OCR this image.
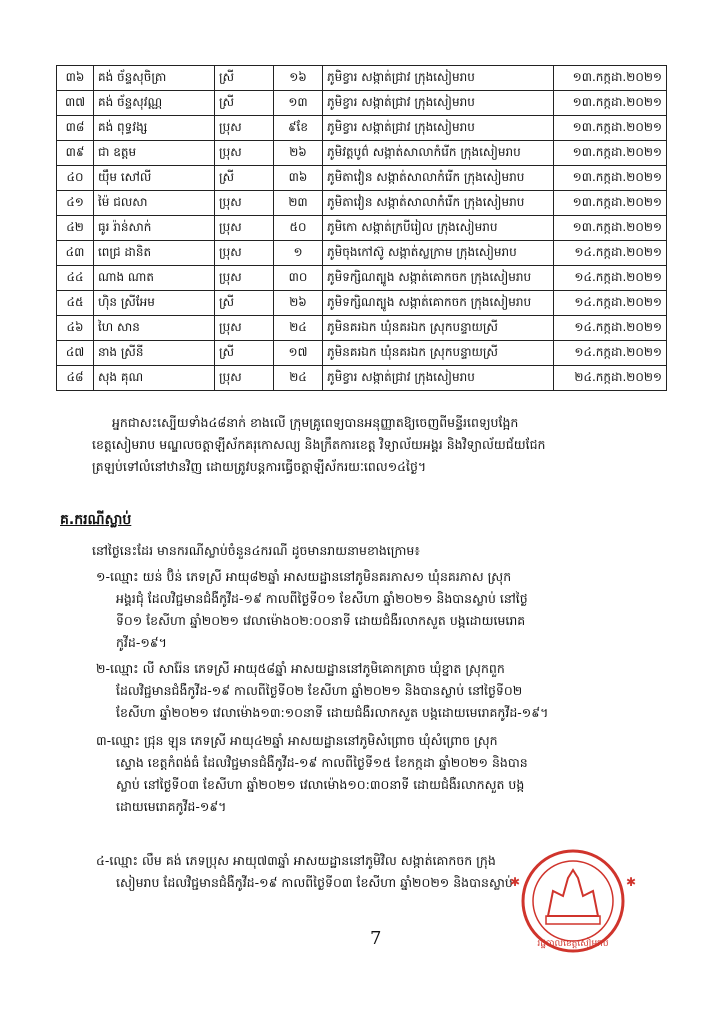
៣៦	គង់ ច័ន្ទសុចិត្រា	ស្រី	១៦	ភូមិខ្វារ សង្កាត់ជ្រាវ ក្រុងសៀមរាប	១៣.កក្កដា.២០២១
៣៧	គង់ ច័ន្ទសុវណ្ណ	ស្រី	១៣	ភូមិខ្វារ សង្កាត់ជ្រាវ ក្រុងសៀមរាប	១៣.កក្កដា.២០២១
៣៨	គង់ ពុទ្ធវង្ស	ប្រុស	៩ខែ	ភូមិខ្វារ សង្កាត់ជ្រាវ ក្រុងសៀមរាប	១៣.កក្កដា.២០២១
៣៩	ជា ឧត្តម	ប្រុស	២៦	ភូមិវត្តបូព៌ សង្កាត់សាលាកំរើក ក្រុងសៀមរាប	១៣.កក្កដា.២០២១
៤០	យ៉ឹម សៅលី	ស្រី	៣៦	ភូមិតាវៀន សង្កាត់សាលាកំរើក ក្រុងសៀមរាប	១៣.កក្កដា.២០២១
៤១	ម៉ៃ ជលសា	ប្រុស	២៣	ភូមិតាវៀន សង្កាត់សាលាកំរើក ក្រុងសៀមរាប	១៣.កក្កដា.២០២១
៤២	ធូរ រ៉ាន់សាក់	ប្រុស	៥០	ភូមិកោ សង្កាត់ក្របីរៀល ក្រុងសៀមរាប	១៣.កក្កដា.២០២១
៤៣	ពេជ្រ ដានិត	ប្រុស	១	ភូមិចុងកៅស៊ូ សង្កាត់ស្លក្រាម ក្រុងសៀមរាប	១៤.កក្កដា.២០២១
៤៤	ណាង ណាត	ប្រុស	៣០	ភូមិទក្សិណត្បូង សង្កាត់គោកចក ក្រុងសៀមរាប	១៤.កក្កដា.២០២១
៤៥	ហ៊ិន ស្រីអែម	ស្រី	២៦	ភូមិទក្សិណត្បូង សង្កាត់គោកចក ក្រុងសៀមរាប	១៤.កក្កដា.២០២១
៤៦	ហៃ សាន	ប្រុស	២៤	ភូមិនគរឯក ឃុំនគរឯក ស្រុកបន្ទាយស្រី	១៤.កក្កដា.២០២១
៤៧	នាង ស្រីនី	ស្រី	១៧	ភូមិនគរឯក ឃុំនគរឯក ស្រុកបន្ទាយស្រី	១៤.កក្កដា.២០២១
៤៨	សុង គុណ	ប្រុស	២៤	ភូមិខ្វារ សង្កាត់ជ្រាវ ក្រុងសៀមរាប	២៤.កក្កដា.២០២១

អ្នកជាសះស្បើយទាំង៤៨នាក់ ខាងលើ ក្រុមគ្រូពេទ្យបានអនុញ្ញាតឱ្យចេញពីមន្ទីរពេទ្យបង្អែក

ខេត្តសៀមរាប មណ្ឌលចត្តាឡីស័កគរុកោសល្យ និងក្រឹតការខេត្ត វិទ្យាល័យអង្គរ និងវិទ្យាល័យជ័យជែក

ត្រឡប់ទៅលំនៅឋានវិញ ដោយត្រូវបន្តការធ្វើចត្តាឡីស័ករយៈពេល១៤ថ្ងៃ។

គ.ករណីស្លាប់

នៅថ្ងៃនេះដែរ មានករណីស្លាប់ចំនួន៤ករណី ដូចមានរាយនាមខាងក្រោម៖

១-ឈ្មោះ យន់ ប៊ិន់ ភេទស្រី អាយុ៨២ឆ្នាំ អាសយដ្ឋាននៅភូមិនគរភាស១ ឃុំនគរភាស ស្រុក

អង្គរជុំ ដែលវិជ្ជមានជំងឺកូវីដ-១៩ កាលពីថ្ងៃទី០១ ខែសីហា ឆ្នាំ២០២១ និងបានស្លាប់ នៅថ្ងៃ

ទី០១ ខែសីហា ឆ្នាំ២០២១ វេលាម៉ោង០២:០០នាទី ដោយជំងឺរលាកសួត បង្កដោយមេរោគ

កូវីដ-១៩។

២-ឈ្មោះ លី សារ៉ែន ភេទស្រី អាយុ៥៨ឆ្នាំ អាសយដ្ឋាននៅភូមិគោកត្រាច ឃុំខ្នាត ស្រុកពួក

ដែលវិជ្ជមានជំងឺកូវីដ-១៩ កាលពីថ្ងៃទី០២ ខែសីហា ឆ្នាំ២០២១ និងបានស្លាប់ នៅថ្ងៃទី០២

ខែសីហា ឆ្នាំ២០២១ វេលាម៉ោង១៣:១០នាទី ដោយជំងឺរលាកសួត បង្កដោយមេរោគកូវីដ-១៩។

៣-ឈ្មោះ ជ្រុន ឡុន ភេទស្រី អាយុ៤២ឆ្នាំ អាសយដ្ឋាននៅភូមិសំព្រោច ឃុំសំព្រោច ស្រុក

ស្ទោង ខេត្តកំពង់ធំ ដែលវិជ្ជមានជំងឺកូវីដ-១៩ កាលពីថ្ងៃទី១៥ ខែកក្កដា ឆ្នាំ២០២១ និងបាន

ស្លាប់ នៅថ្ងៃទី០៣ ខែសីហា ឆ្នាំ២០២១ វេលាម៉ោង១០:៣០នាទី ដោយជំងឺរលាកសួត បង្ក

ដោយមេរោគកូវីដ-១៩។

៤-ឈ្មោះ លឹម គង់ ភេទប្រុស អាយុ៧៣ឆ្នាំ អាសយដ្ឋាននៅភូមិវិល សង្កាត់គោកចក ក្រុង

សៀមរាប ដែលវិជ្ជមានជំងឺកូវីដ-១៩ កាលពីថ្ងៃទី០៣ ខែសីហា ឆ្នាំ២០២១ និងបានស្លាប់

រដ្ឋបាលខេត្តសៀមរាប
✱	✱
7
